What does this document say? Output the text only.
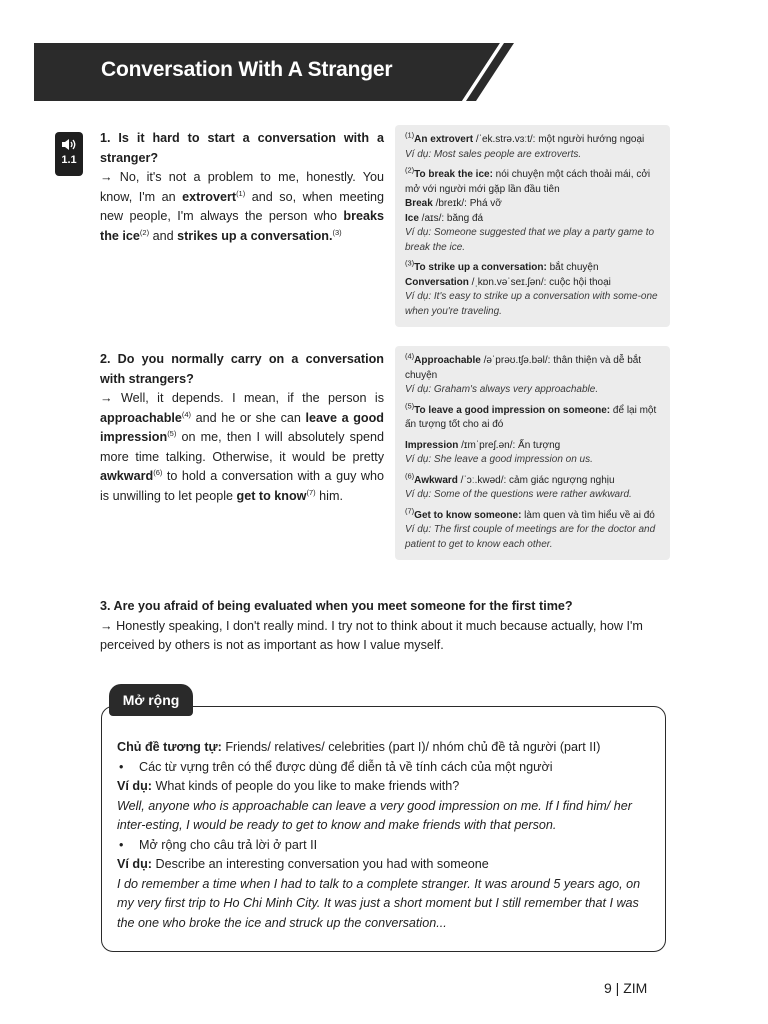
Conversation With A Stranger
1.1

1. Is it hard to start a conversation with a stranger?

→ No, it's not a problem to me, honestly. You know, I'm an extrovert$^{(1)}$ and so, when meeting new people, I'm always the person who breaks the ice$^{(2)}$ and strikes up a conversation.$^{(3)}$

$^{(1)}$An extrovert /ˈek.strə.vɜːt/: một người hướng ngoại
Ví dụ: Most sales people are extroverts.
$^{(2)}$To break the ice: nói chuyện một cách thoải mái, cởi mở với người mới gặp lần đầu tiên
Break /breɪk/: Phá vỡ
Ice /aɪs/: băng đá
Ví dụ: Someone suggested that we play a party game to break the ice.
$^{(3)}$To strike up a conversation: bắt chuyện
Conversation /ˌkɒn.vəˈseɪ.ʃən/: cuộc hội thoại
Ví dụ: It's easy to strike up a conversation with some-one when you're traveling.

2. Do you normally carry on a conversation with strangers?

→ Well, it depends. I mean, if the person is approachable$^{(4)}$ and he or she can leave a good impression$^{(5)}$ on me, then I will absolutely spend more time talking. Otherwise, it would be pretty awkward$^{(6)}$ to hold a conversation with a guy who is unwilling to let people get to know$^{(7)}$ him.

$^{(4)}$Approachable /əˈprəʊ.tʃə.bəl/: thân thiện và dễ bắt chuyện
Ví dụ: Graham's always very approachable.
$^{(5)}$To leave a good impression on someone: để lại một ấn tượng tốt cho ai đó
Impression /ɪmˈpreʃ.ən/: Ấn tượng
Ví dụ: She leave a good impression on us.
$^{(6)}$Awkward /ˈɔː.kwəd/: cảm giác ngượng nghịu
Ví dụ: Some of the questions were rather awkward.
$^{(7)}$Get to know someone: làm quen và tìm hiểu về ai đó
Ví dụ: The first couple of meetings are for the doctor and patient to get to know each other.

3. Are you afraid of being evaluated when you meet someone for the first time?

→ Honestly speaking, I don't really mind. I try not to think about it much because actually, how I'm perceived by others is not as important as how I value myself.

Mở rộng

Chủ đề tương tự: Friends/ relatives/ celebrities (part I)/ nhóm chủ đề tả người (part II)

• Các từ vựng trên có thể được dùng để diễn tả về tính cách của một người

Ví dụ: What kinds of people do you like to make friends with?

Well, anyone who is approachable can leave a very good impression on me. If I find him/ her inter-esting, I would be ready to get to know and make friends with that person.

• Mở rộng cho câu trả lời ở part II

Ví dụ: Describe an interesting conversation you had with someone

I do remember a time when I had to talk to a complete stranger. It was around 5 years ago, on my very first trip to Ho Chi Minh City. It was just a short moment but I still remember that I was the one who broke the ice and struck up the conversation...

9 | ZIM
